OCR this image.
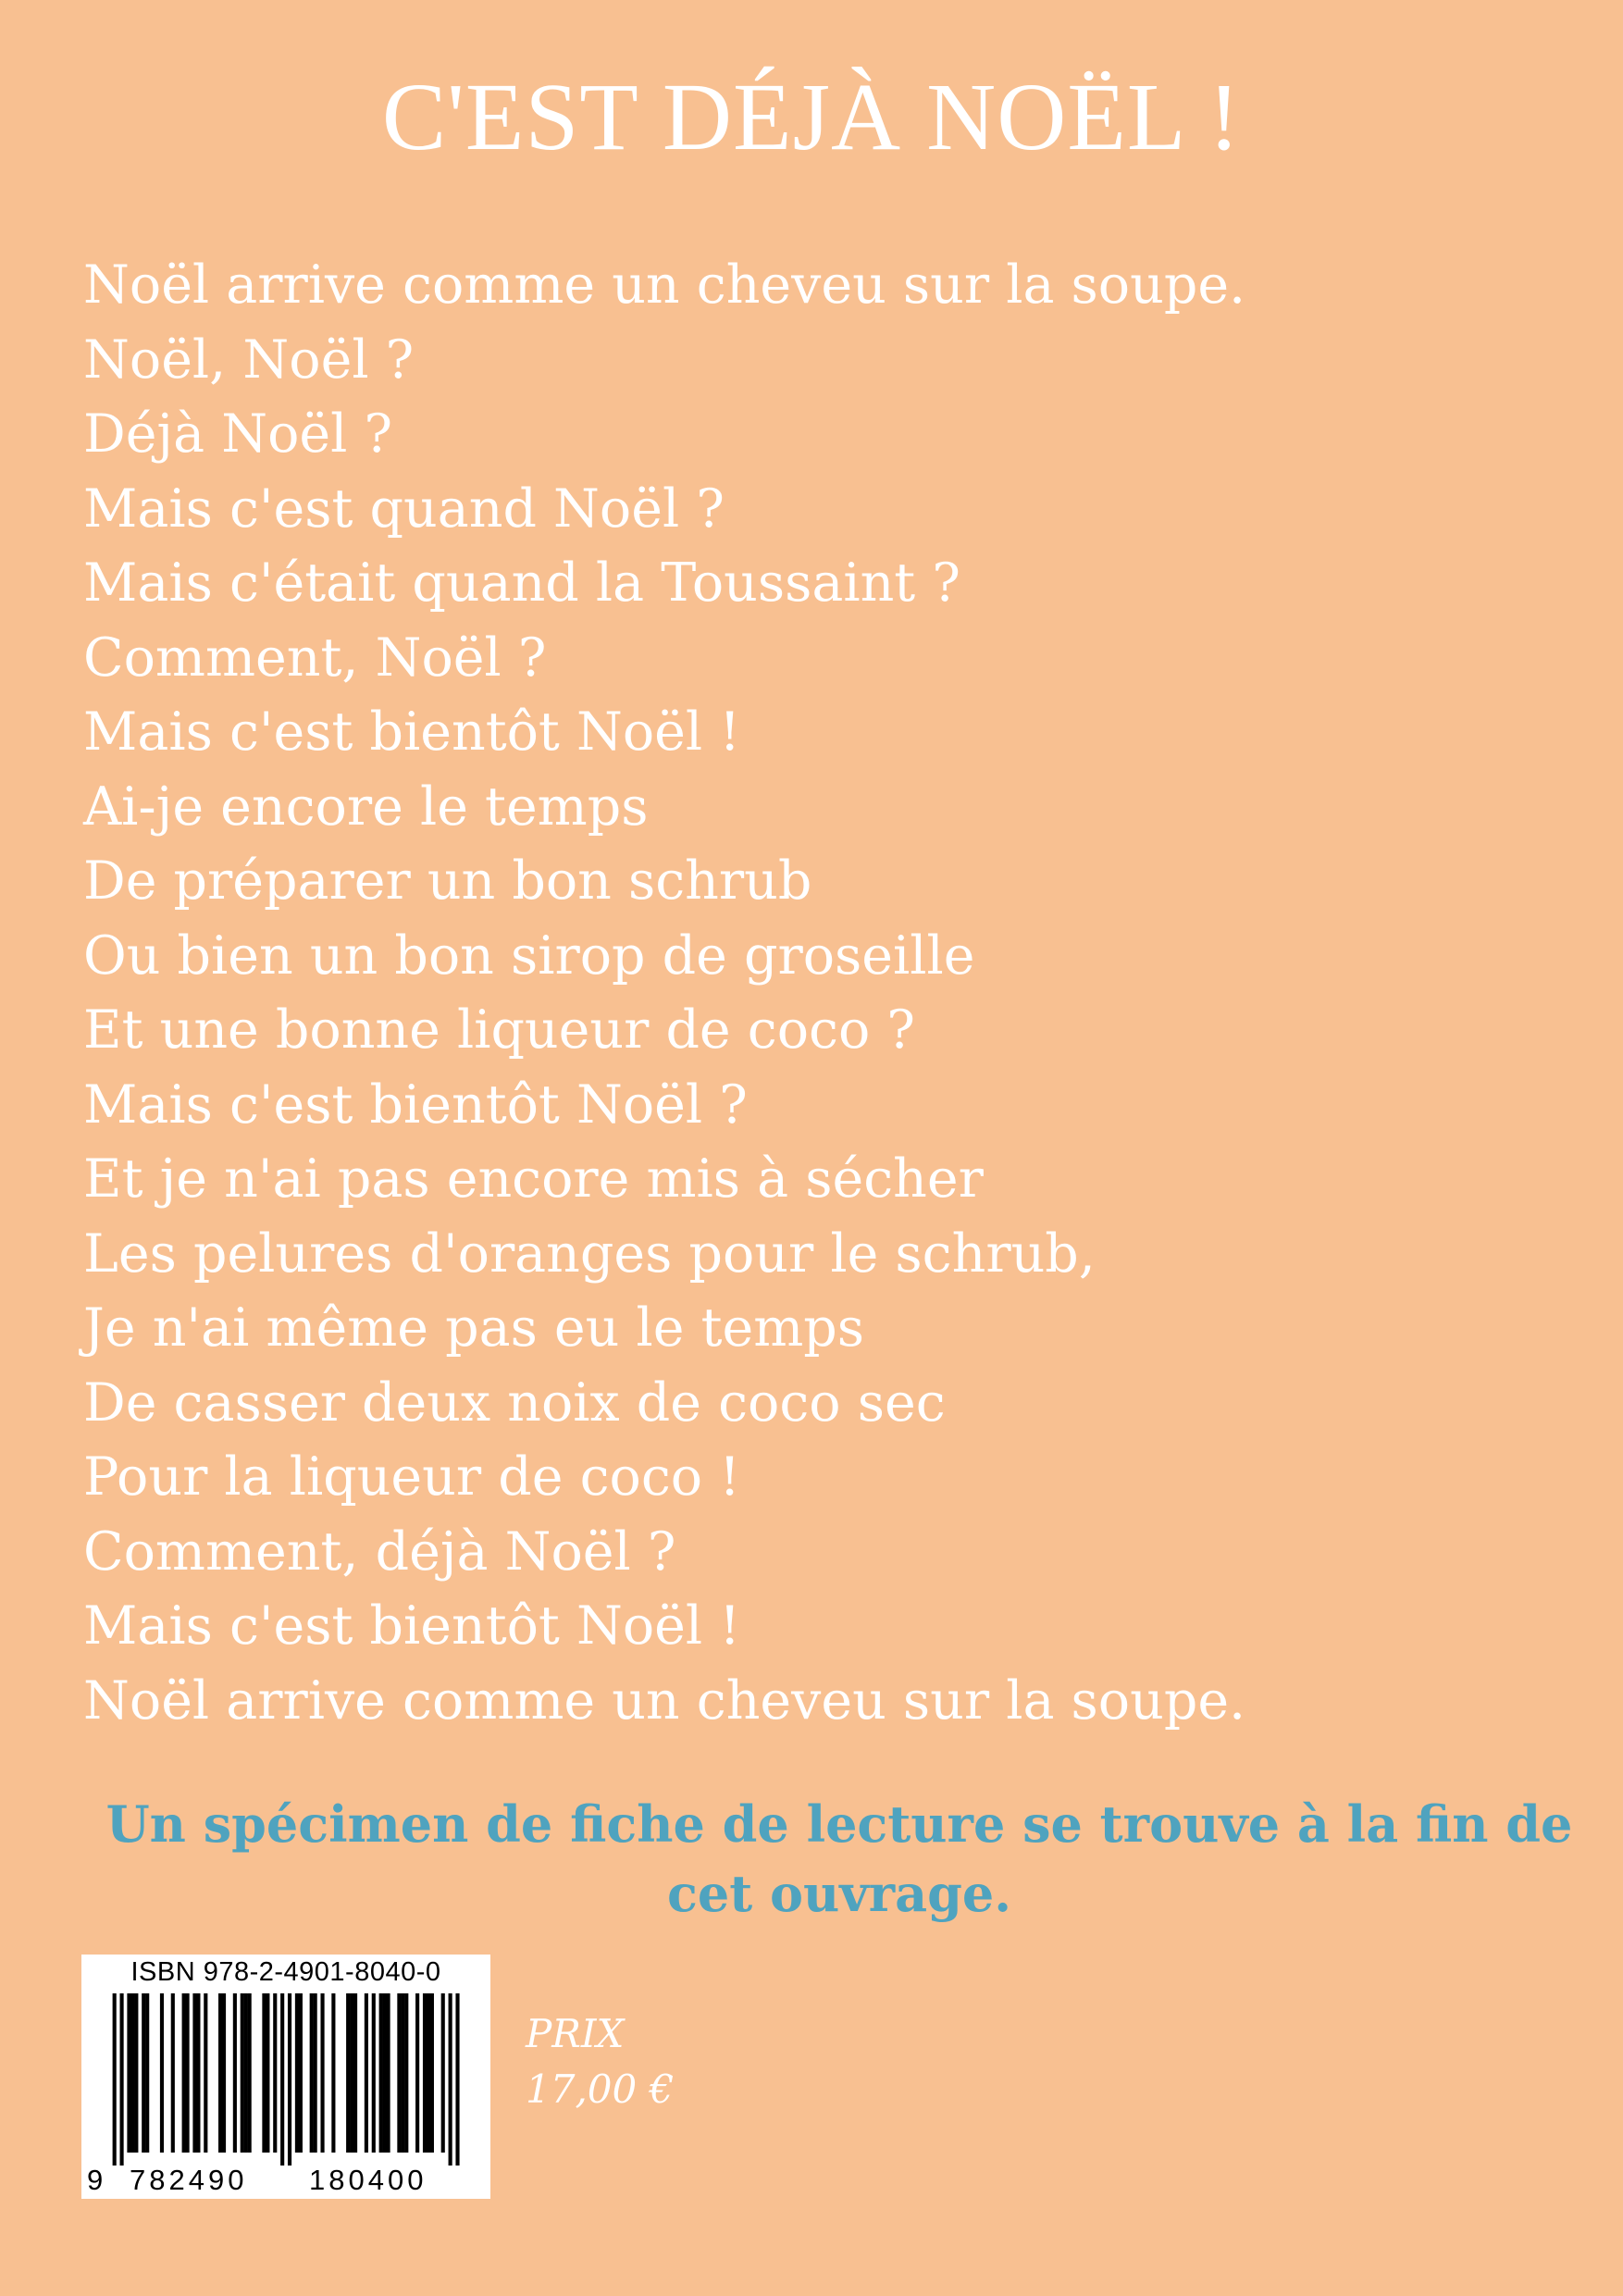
C'EST DÉJÀ NOËL !
Noël arrive comme un cheveu sur la soupe.
Noël, Noël ?
Déjà Noël ?
Mais c'est quand Noël ?
Mais c'était quand la Toussaint ?
Comment, Noël ?
Mais c'est bientôt Noël !
Ai-je encore le temps
De préparer un bon schrub
Ou bien un bon sirop de groseille
Et une bonne liqueur de coco ?
Mais c'est bientôt Noël ?
Et je n'ai pas encore mis à sécher
Les pelures d'oranges pour le schrub,
Je n'ai même pas eu le temps
De casser deux noix de coco sec
Pour la liqueur de coco !
Comment, déjà Noël ?
Mais c'est bientôt Noël !
Noël arrive comme un cheveu sur la soupe.

Un spécimen de fiche de lecture se trouve à la fin de cet ouvrage.

ISBN 978-2-4901-8040-0
9 782490 180400
PRIX
17,00 €
